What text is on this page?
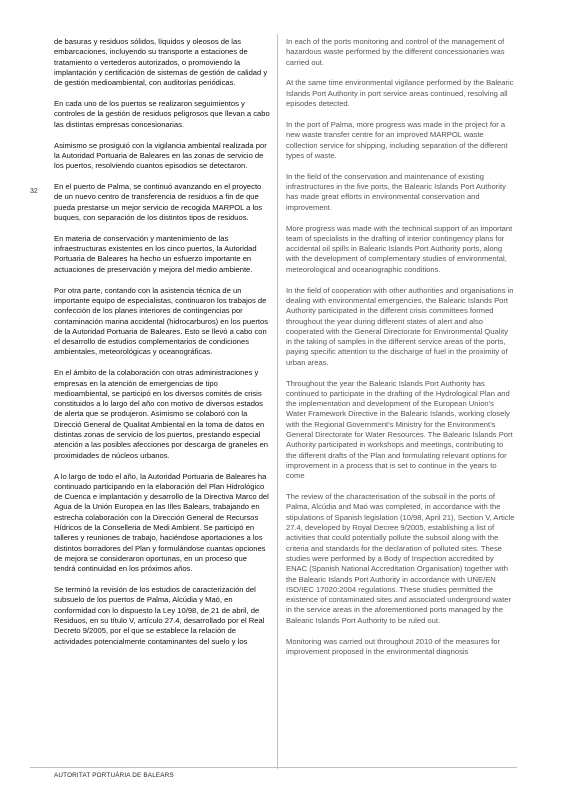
32

de basuras y residuos sólidos, líquidos y oleosos de las embarcaciones, incluyendo su transporte a estaciones de tratamiento o vertederos autorizados, o promoviendo la implantación y certificación de sistemas de gestión de calidad y de gestión medioambiental, con auditorías periódicas.

En cada uno de los puertos se realizaron seguimientos y controles de la gestión de residuos peligrosos que llevan a cabo las distintas empresas concesionarias.

Asimismo se prosiguió con la vigilancia ambiental realizada por la Autoridad Portuaria de Baleares en las zonas de servicio de los puertos, resolviendo cuantos episodios se detectaron.

En el puerto de Palma, se continuó avanzando en el proyecto de un nuevo centro de transferencia de residuos a fin de que pueda prestarse un mejor servicio de recogida MARPOL a los buques, con separación de los distintos tipos de residuos.

En materia de conservación y mantenimiento de las infraestructuras existentes en los cinco puertos, la Autoridad Portuaria de Baleares ha hecho un esfuerzo importante en actuaciones de preservación y mejora del medio ambiente.

Por otra parte, contando con la asistencia técnica de un importante equipo de especialistas, continuaron los trabajos de confección de los planes interiores de contingencias por contaminación marina accidental (hidrocarburos) en los puertos de la Autoridad Portuaria de Baleares. Esto se llevó a cabo con el desarrollo de estudios complementarios de condiciones ambientales, meteorológicas y oceanográficas.

En el ámbito de la colaboración con otras administraciones y empresas en la atención de emergencias de tipo medioambiental, se participó en los diversos comités de crisis constituidos a lo largo del año con motivo de diversos estados de alerta que se produjeron. Asimismo se colaboró con la Direcció General de Qualitat Ambiental en la toma de datos en distintas zonas de servicio de los puertos, prestando especial atención a las posibles afecciones por descarga de graneles en proximidades de núcleos urbanos.

A lo largo de todo el año, la Autoridad Portuaria de Baleares ha continuado participando en la elaboración del Plan Hidrológico de Cuenca e implantación y desarrollo de la Directiva Marco del Agua de la Unión Europea en las Illes Balears, trabajando en estrecha colaboración con la Dirección General de Recursos Hídricos de la Conselleria de Medi Ambient. Se participó en talleres y reuniones de trabajo, haciéndose aportaciones a los distintos borradores del Plan y formulándose cuantas opciones de mejora se consideraron oportunas, en un proceso que tendrá continuidad en los próximos años.

Se terminó la revisión de los estudios de caracterización del subsuelo de los puertos de Palma, Alcúdia y Maó, en conformidad con lo dispuesto la Ley 10/98, de 21 de abril, de Residuos, en su título V, artículo 27.4, desarrollado por el Real Decreto 9/2005, por el que se establece la relación de actividades potencialmente contaminantes del suelo y los

In each of the ports monitoring and control of the management of hazardous waste performed by the different concessionaries was carried out.

At the same time environmental vigilance performed by the Balearic Islands Port Authority in port service areas continued, resolving all episodes detected.

In the port of Palma, more progress was made in the project for a new waste transfer centre for an improved MARPOL waste collection service for shipping, including separation of the different types of waste.

In the field of the conservation and maintenance of existing infrastructures in the five ports, the Balearic Islands Port Authority has made great efforts in environmental conservation and improvement.

More progress was made with the technical support of an important team of specialists in the drafting of interior contingency plans for accidental oil spills in Balearic Islands Port Authority ports, along with the development of complementary studies of environmental, meteorological and oceanographic conditions.

In the field of cooperation with other authorities and organisations in dealing with environmental emergencies, the Balearic Islands Port Authority participated in the different crisis committees formed throughout the year during different states of alert and also cooperated with the General Directorate for Environmental Quality in the taking of samples in the different service areas of the ports, paying specific attention to the discharge of fuel in the proximity of urban areas.

Throughout the year the Balearic Islands Port Authority has continued to participate in the drafting of the Hydrological Plan and the implementation and development of the European Union’s Water Framework Directive in the Balearic Islands, working closely with the Regional Government’s Ministry for the Environment’s General Directorate for Water Resources. The Balearic Islands Port Authority participated in workshops and meetings, contributing to the different drafts of the Plan and formulating relevant options for improvement in a process that is set to continue in the years to come

The review of the characterisation of the subsoil in the ports of Palma, Alcúdia and Maó was completed, in accordance with the stipulations of Spanish legislation (10/98, April 21), Section V, Article 27.4, developed by Royal Decree 9/2005, establishing a list of activities that could potentially pollute the subsoil along with the criteria and standards for the declaration of polluted sites. These studies were performed by a Body of Inspection accredited by ENAC (Spanish National Accreditation Organisation) together with the Balearic Islands Port Authority in accordance with UNE/EN ISO/IEC 17020:2004 regulations. These studies permitted the existence of contaminated sites and associated underground water in the service areas in the aforementioned ports managed by the Balearic Islands Port Authority to be ruled out.

Monitoring was carried out throughout 2010 of the measures for improvement proposed in the environmental diagnosis

AUTORITAT PORTUÀRIA DE BALEARS
